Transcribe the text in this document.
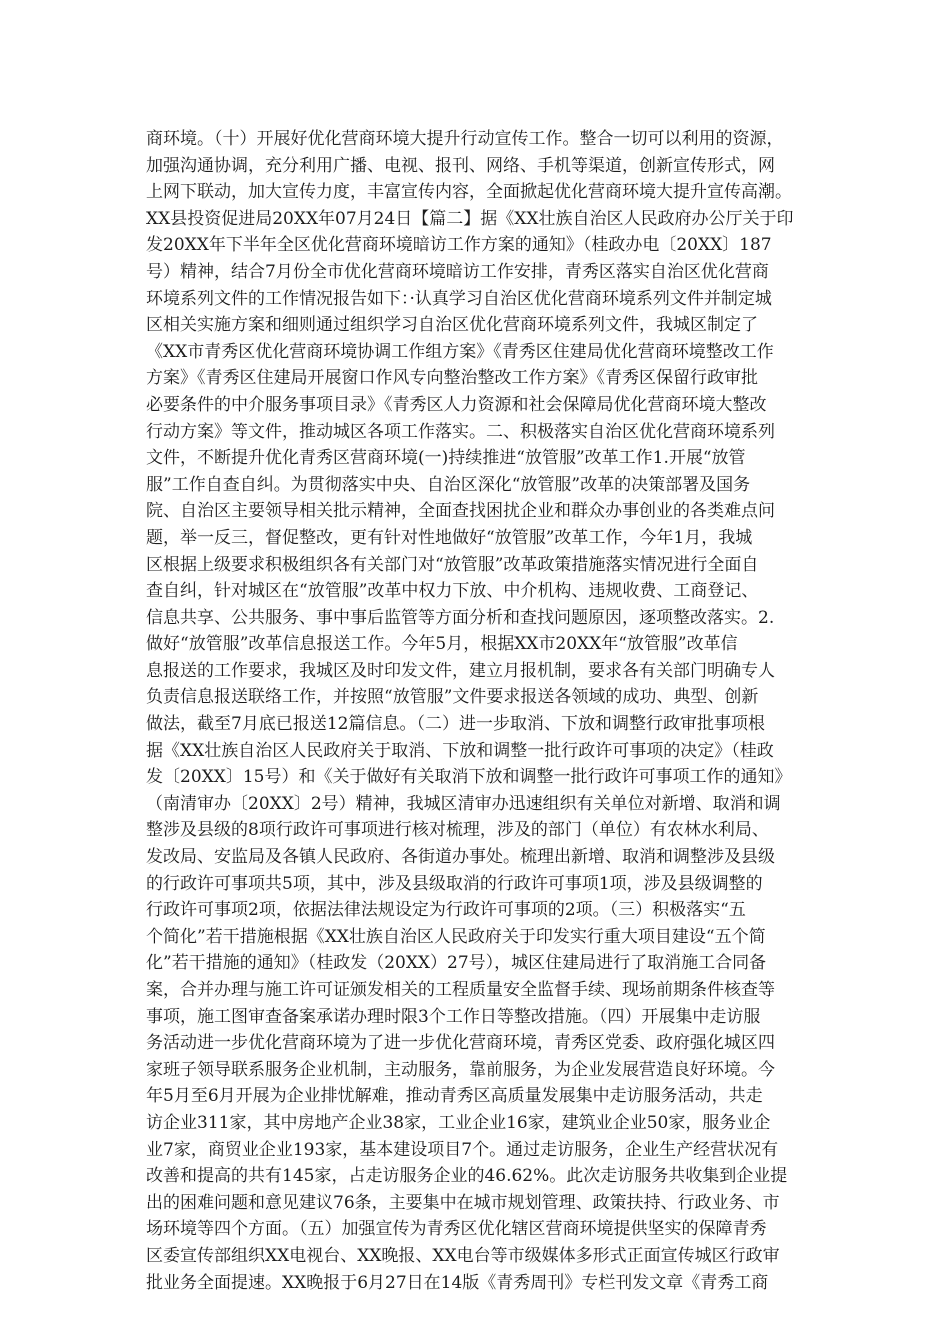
商环境。（十）开展好优化营商环境大提升行动宣传工作。整合一切可以利用的资源，
加强沟通协调，充分利用广播、电视、报刊、网络、手机等渠道，创新宣传形式，网
上网下联动，加大宣传力度，丰富宣传内容，全面掀起优化营商环境大提升宣传高潮。
XX县投资促进局20XX年07月24日【篇二】据《XX壮族自治区人民政府办公厅关于印
发20XX年下半年全区优化营商环境暗访工作方案的通知》（桂政办电〔20XX〕187
号）精神，结合7月份全市优化营商环境暗访工作安排，青秀区落实自治区优化营商
环境系列文件的工作情况报告如下：·认真学习自治区优化营商环境系列文件并制定城
区相关实施方案和细则通过组织学习自治区优化营商环境系列文件，我城区制定了
《XX市青秀区优化营商环境协调工作组方案》《青秀区住建局优化营商环境整改工作
方案》《青秀区住建局开展窗口作风专向整治整改工作方案》《青秀区保留行政审批
必要条件的中介服务事项目录》《青秀区人力资源和社会保障局优化营商环境大整改
行动方案》等文件，推动城区各项工作落实。二、积极落实自治区优化营商环境系列
文件，不断提升优化青秀区营商环境(一)持续推进“放管服”改革工作1.开展“放管
服”工作自查自纠。为贯彻落实中央、自治区深化“放管服”改革的决策部署及国务
院、自治区主要领导相关批示精神，全面查找困扰企业和群众办事创业的各类难点问
题，举一反三，督促整改，更有针对性地做好“放管服”改革工作，今年1月，我城
区根据上级要求积极组织各有关部门对“放管服”改革政策措施落实情况进行全面自
查自纠，针对城区在“放管服”改革中权力下放、中介机构、违规收费、工商登记、
信息共享、公共服务、事中事后监管等方面分析和查找问题原因，逐项整改落实。2.
做好“放管服”改革信息报送工作。今年5月，根据XX市20XX年“放管服”改革信
息报送的工作要求，我城区及时印发文件，建立月报机制，要求各有关部门明确专人
负责信息报送联络工作，并按照“放管服”文件要求报送各领域的成功、典型、创新
做法，截至7月底已报送12篇信息。（二）进一步取消、下放和调整行政审批事项根
据《XX壮族自治区人民政府关于取消、下放和调整一批行政许可事项的决定》（桂政
发〔20XX〕15号）和《关于做好有关取消下放和调整一批行政许可事项工作的通知》
（南清审办〔20XX〕2号）精神，我城区清审办迅速组织有关单位对新增、取消和调
整涉及县级的8项行政许可事项进行核对梳理，涉及的部门（单位）有农林水利局、
发改局、安监局及各镇人民政府、各街道办事处。梳理出新增、取消和调整涉及县级
的行政许可事项共5项，其中，涉及县级取消的行政许可事项1项，涉及县级调整的
行政许可事项2项，依据法律法规设定为行政许可事项的2项。（三）积极落实“五
个简化”若干措施根据《XX壮族自治区人民政府关于印发实行重大项目建设“五个简
化”若干措施的通知》（桂政发（20XX）27号），城区住建局进行了取消施工合同备
案，合并办理与施工许可证颁发相关的工程质量安全监督手续、现场前期条件核查等
事项，施工图审查备案承诺办理时限3个工作日等整改措施。（四）开展集中走访服
务活动进一步优化营商环境为了进一步优化营商环境，青秀区党委、政府强化城区四
家班子领导联系服务企业机制，主动服务，靠前服务，为企业发展营造良好环境。今
年5月至6月开展为企业排忧解难，推动青秀区高质量发展集中走访服务活动，共走
访企业311家，其中房地产企业38家，工业企业16家，建筑业企业50家，服务业企
业7家，商贸业企业193家，基本建设项目7个。通过走访服务，企业生产经营状况有
改善和提高的共有145家，占走访服务企业的46.62%。此次走访服务共收集到企业提
出的困难问题和意见建议76条，主要集中在城市规划管理、政策扶持、行政业务、市
场环境等四个方面。（五）加强宣传为青秀区优化辖区营商环境提供坚实的保障青秀
区委宣传部组织XX电视台、XX晚报、XX电台等市级媒体多形式正面宣传城区行政审
批业务全面提速。XX晚报于6月27日在14版《青秀周刊》专栏刊发文章《青秀工商
